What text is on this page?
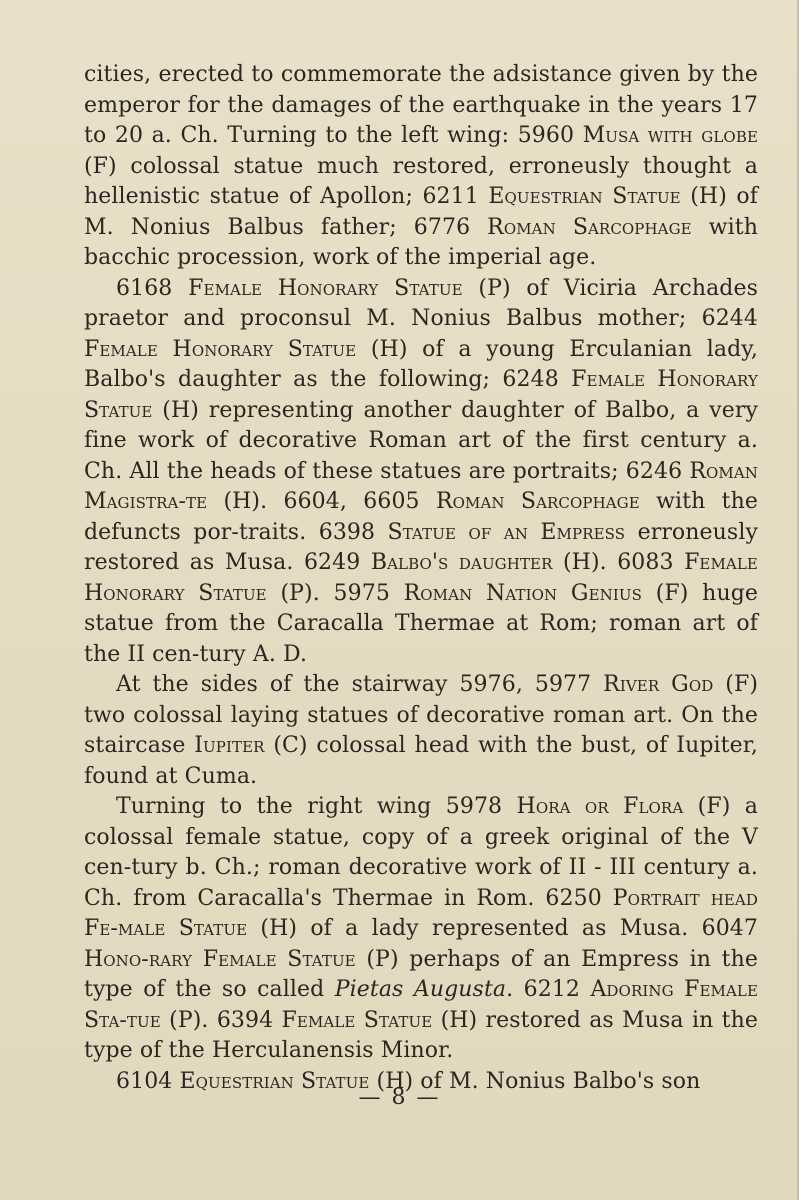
cities, erected to commemorate the adsistance given by the emperor for the damages of the earthquake in the years 17 to 20 a. Ch. Turning to the left wing: 5960 Musa with globe (F) colossal statue much restored, erroneusly thought a hellenistic statue of Apollon; 6211 Equestrian Statue (H) of M. Nonius Balbus father; 6776 Roman Sarcophage with bacchic procession, work of the imperial age.

6168 Female Honorary Statue (P) of Viciria Archades praetor and proconsul M. Nonius Balbus mother; 6244 Female Honorary Statue (H) of a young Erculanian lady, Balbo's daughter as the following; 6248 Female Honorary Statue (H) representing another daughter of Balbo, a very fine work of decorative Roman art of the first century a. Ch. All the heads of these statues are portraits; 6246 Roman Magistra-te (H). 6604, 6605 Roman Sarcophage with the defuncts por-traits. 6398 Statue of an Empress erroneusly restored as Musa. 6249 Balbo's daughter (H). 6083 Female Honorary Statue (P). 5975 Roman Nation Genius (F) huge statue from the Caracalla Thermae at Rom; roman art of the II cen-tury A. D.

At the sides of the stairway 5976, 5977 River God (F) two colossal laying statues of decorative roman art. On the staircase Iupiter (C) colossal head with the bust, of Iupiter, found at Cuma.

Turning to the right wing 5978 Hora or Flora (F) a colossal female statue, copy of a greek original of the V cen-tury b. Ch.; roman decorative work of II - III century a. Ch. from Caracalla's Thermae in Rom. 6250 Portrait head Fe-male Statue (H) of a lady represented as Musa. 6047 Hono-rary Female Statue (P) perhaps of an Empress in the type of the so called Pietas Augusta. 6212 Adoring Female Sta-tue (P). 6394 Female Statue (H) restored as Musa in the type of the Herculanensis Minor.

6104 Equestrian Statue (H) of M. Nonius Balbo's son

— 8 —
